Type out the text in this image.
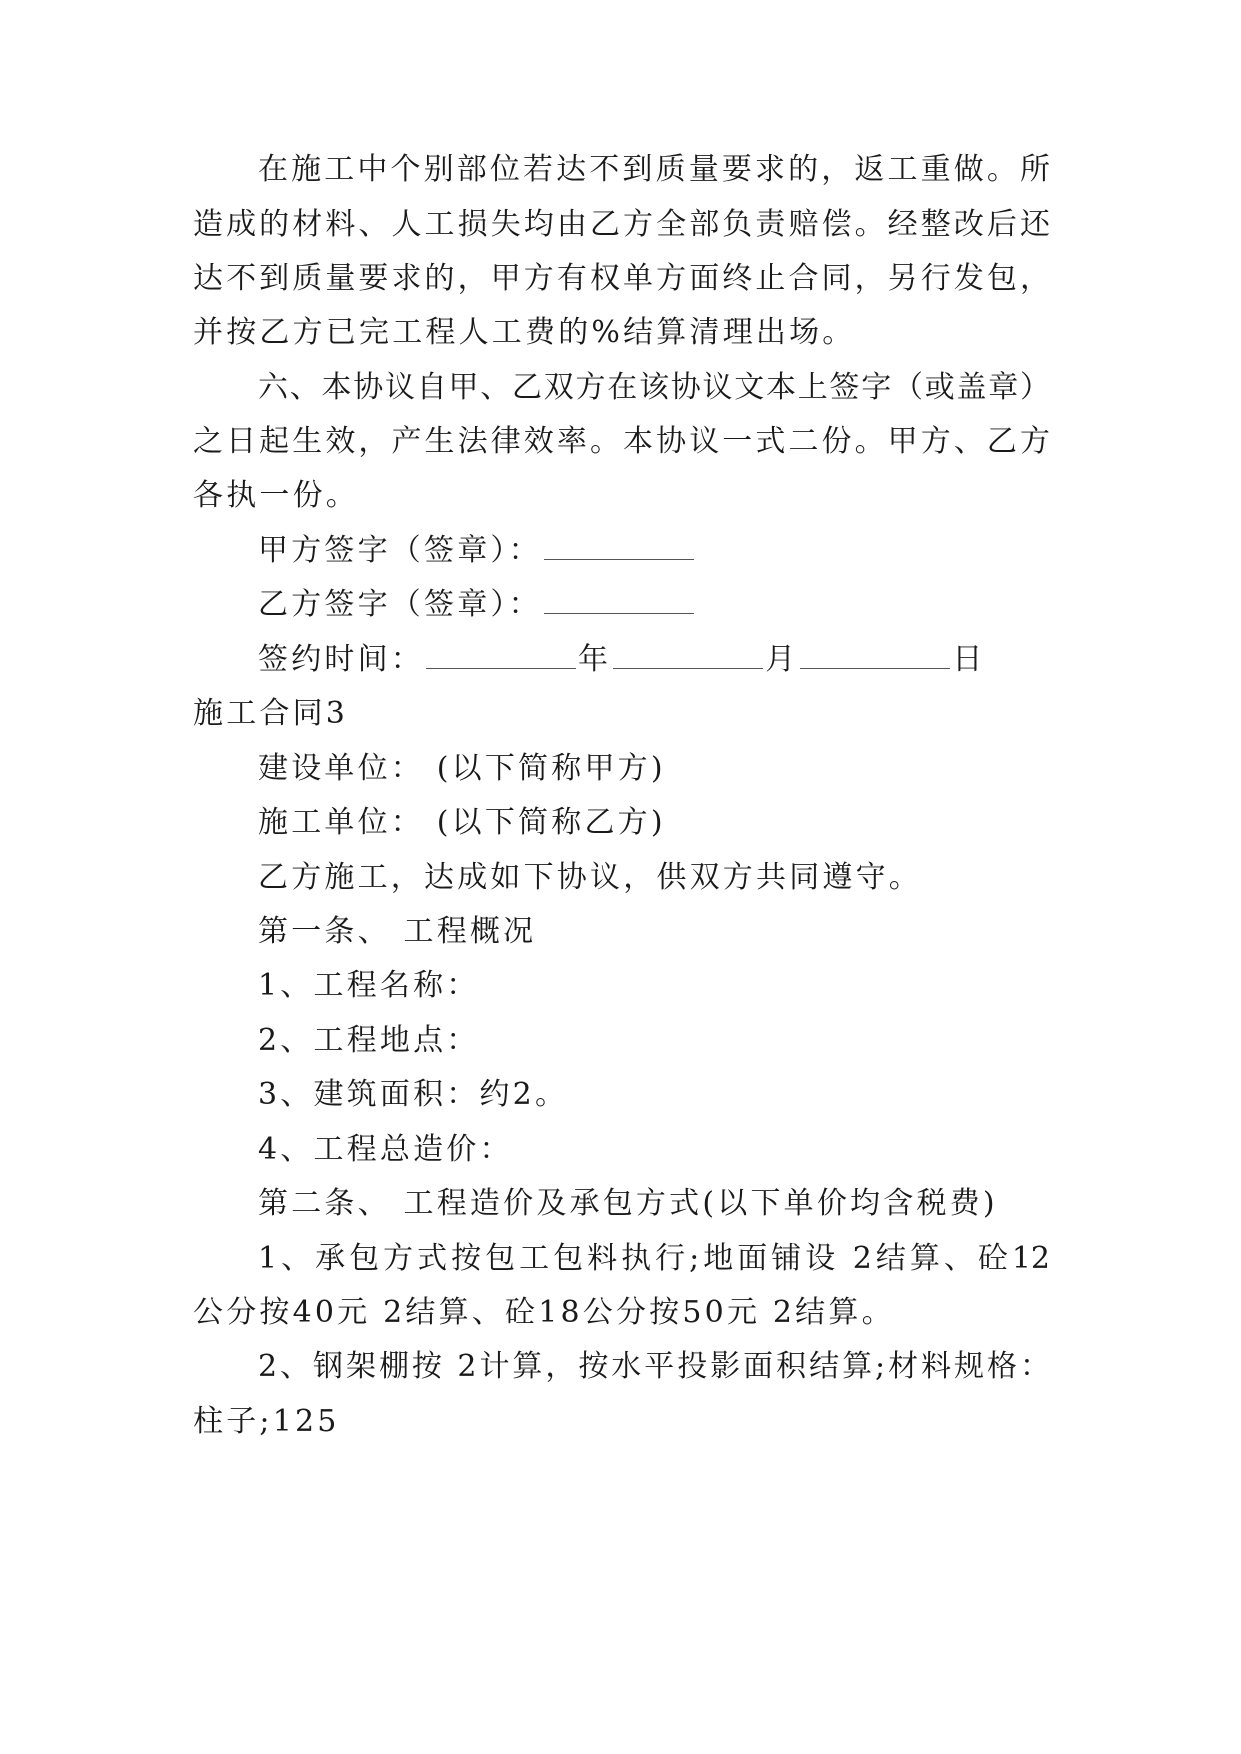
在施工中个别部位若达不到质量要求的，返工重做。所
造成的材料、人工损失均由乙方全部负责赔偿。经整改后还
达不到质量要求的，甲方有权单方面终止合同，另行发包，
并按乙方已完工程人工费的%结算清理出场。
六、本协议自甲、乙双方在该协议文本上签字（或盖章）
之日起生效，产生法律效率。本协议一式二份。甲方、乙方
各执一份。
甲方签字（签章）：
乙方签字（签章）：
签约时间：	年	月	日
施工合同3
建设单位： (以下简称甲方)
施工单位： (以下简称乙方)
乙方施工，达成如下协议，供双方共同遵守。
第一条、 工程概况
1、工程名称：
2、工程地点：
3、建筑面积：约2。
4、工程总造价：
第二条、 工程造价及承包方式(以下单价均含税费)
1、承包方式按包工包料执行;地面铺设 2结算、砼12
公分按40元 2结算、砼18公分按50元 2结算。
2、钢架棚按 2计算，按水平投影面积结算;材料规格：
柱子;125
